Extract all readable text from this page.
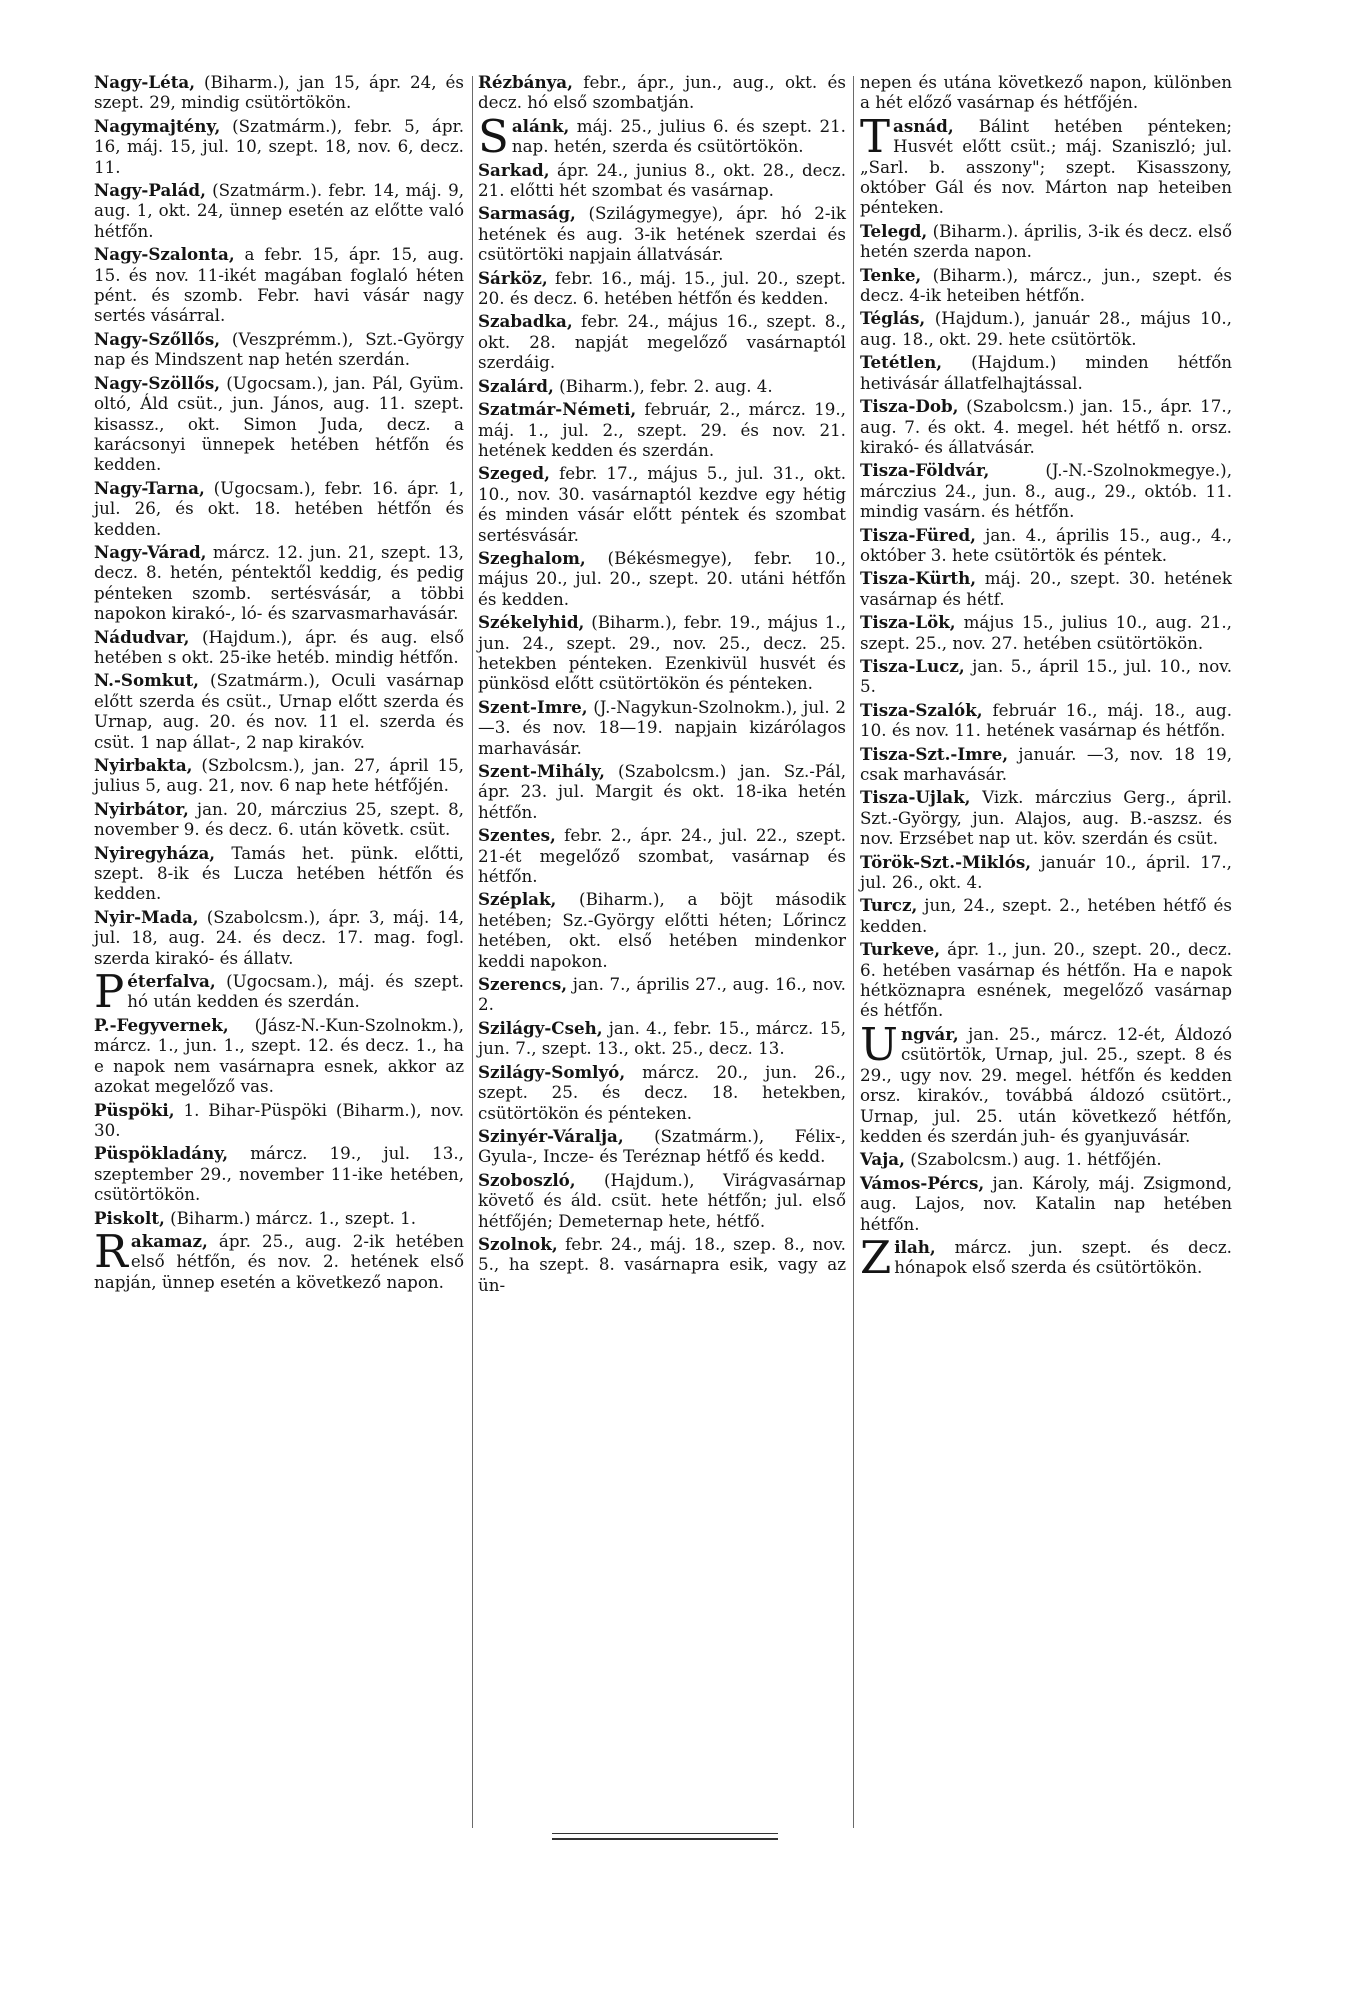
Nagy-Léta, (Biharm.), jan 15, ápr. 24, és szept. 29, mindig csütörtökön.
Nagymajtény, (Szatmárm.), febr. 5, ápr. 16, máj. 15, jul. 10, szept. 18, nov. 6, decz. 11.
Nagy-Palád, (Szatmárm.). febr. 14, máj. 9, aug. 1, okt. 24, ünnep esetén az előtte való hétfőn.
Nagy-Szalonta, a febr. 15, ápr. 15, aug. 15. és nov. 11-ikét magában foglaló héten pént. és szomb. Febr. havi vásár nagy sertés vásárral.
Nagy-Szőllős, (Veszprémm.), Szt.-György nap és Mindszent nap hetén szerdán.
Nagy-Szöllős, (Ugocsam.), jan. Pál, Gyüm. oltó, Áld csüt., jun. János, aug. 11. szept. kisassz., okt. Simon Juda, decz. a karácsonyi ünnepek hetében hétfőn és kedden.
Nagy-Tarna, (Ugocsam.), febr. 16. ápr. 1, jul. 26, és okt. 18. hetében hétfőn és kedden.
Nagy-Várad, márcz. 12. jun. 21, szept. 13, decz. 8. hetén, péntektől keddig, és pedig pénteken szomb. sertésvásár, a többi napokon kirakó-, ló- és szarvasmarhavásár.
Nádudvar, (Hajdum.), ápr. és aug. első hetében s okt. 25-ike hetéb. mindig hétfőn.
N.-Somkut, (Szatmárm.), Oculi vasárnap előtt szerda és csüt., Urnap előtt szerda és Urnap, aug. 20. és nov. 11 el. szerda és csüt. 1 nap állat-, 2 nap kirakóv.
Nyirbakta, (Szbolcsm.), jan. 27, ápril 15, julius 5, aug. 21, nov. 6 nap hete hétfőjén.
Nyirbátor, jan. 20, márczius 25, szept. 8, november 9. és decz. 6. után követk. csüt.
Nyiregyháza, Tamás het. pünk. előtti, szept. 8-ik és Lucza hetében hétfőn és kedden.
Nyir-Mada, (Szabolcsm.), ápr. 3, máj. 14, jul. 18, aug. 24. és decz. 17. mag. fogl. szerda kirakó- és állatv.
Péterfalva, (Ugocsam.), máj. és szept. hó után kedden és szerdán.
P.-Fegyvernek, (Jász-N.-Kun-Szolnokm.), márcz. 1., jun. 1., szept. 12. és decz. 1., ha e napok nem vasárnapra esnek, akkor az azokat megelőző vas.
Püspöki, 1. Bihar-Püspöki (Biharm.), nov. 30.
Püspökladány, márcz. 19., jul. 13., szeptember 29., november 11-ike hetében, csütörtökön.
Piskolt, (Biharm.) márcz. 1., szept. 1.
Rakamaz, ápr. 25., aug. 2-ik hetében első hétfőn, és nov. 2. hetének első napján, ünnep esetén a következő napon.
Rézbánya, febr., ápr., jun., aug., okt. és decz. hó első szombatján.
Salánk, máj. 25., julius 6. és szept. 21. nap. hetén, szerda és csütörtökön.
Sarkad, ápr. 24., junius 8., okt. 28., decz. 21. előtti hét szombat és vasárnap.
Sarmaság, (Szilágymegye), ápr. hó 2-ik hetének és aug. 3-ik hetének szerdai és csütörtöki napjain állatvásár.
Sárköz, febr. 16., máj. 15., jul. 20., szept. 20. és decz. 6. hetében hétfőn és kedden.
Szabadka, febr. 24., május 16., szept. 8., okt. 28. napját megelőző vasárnaptól szerdáig.
Szalárd, (Biharm.), febr. 2. aug. 4.
Szatmár-Németi, február, 2., márcz. 19., máj. 1., jul. 2., szept. 29. és nov. 21. hetének kedden és szerdán.
Szeged, febr. 17., május 5., jul. 31., okt. 10., nov. 30. vasárnaptól kezdve egy hétig és minden vásár előtt péntek és szombat sertésvásár.
Szeghalom, (Békésmegye), febr. 10., május 20., jul. 20., szept. 20. utáni hétfőn és kedden.
Székelyhid, (Biharm.), febr. 19., május 1., jun. 24., szept. 29., nov. 25., decz. 25. hetekben pénteken. Ezenkivül husvét és pünkösd előtt csütörtökön és pénteken.
Szent-Imre, (J.-Nagykun-Szolnokm.), jul. 2—3. és nov. 18—19. napjain kizárólagos marhavásár.
Szent-Mihály, (Szabolcsm.) jan. Sz.-Pál, ápr. 23. jul. Margit és okt. 18-ika hetén hétfőn.
Szentes, febr. 2., ápr. 24., jul. 22., szept. 21-ét megelőző szombat, vasárnap és hétfőn.
Széplak, (Biharm.), a böjt második hetében; Sz.-György előtti héten; Lőrincz hetében, okt. első hetében mindenkor keddi napokon.
Szerencs, jan. 7., április 27., aug. 16., nov. 2.
Szilágy-Cseh, jan. 4., febr. 15., márcz. 15, jun. 7., szept. 13., okt. 25., decz. 13.
Szilágy-Somlyó, márcz. 20., jun. 26., szept. 25. és decz. 18. hetekben, csütörtökön és pénteken.
Szinyér-Váralja, (Szatmárm.), Félix-, Gyula-, Incze- és Teréznap hétfő és kedd.
Szoboszló, (Hajdum.), Virágvasárnap követő és áld. csüt. hete hétfőn; jul. első hétfőjén; Demeternap hete, hétfő.
Szolnok, febr. 24., máj. 18., szep. 8., nov. 5., ha szept. 8. vasárnapra esik, vagy az ün-
nepen és utána következő napon, különben a hét előző vasárnap és hétfőjén.
Tasnád, Bálint hetében pénteken; Husvét előtt csüt.; máj. Szaniszló; jul. „Sarl. b. asszony"; szept. Kisasszony, október Gál és nov. Márton nap heteiben pénteken.
Telegd, (Biharm.). április, 3-ik és decz. első hetén szerda napon.
Tenke, (Biharm.), márcz., jun., szept. és decz. 4-ik heteiben hétfőn.
Téglás, (Hajdum.), január 28., május 10., aug. 18., okt. 29. hete csütörtök.
Tetétlen, (Hajdum.) minden hétfőn hetivásár állatfelhajtással.
Tisza-Dob, (Szabolcsm.) jan. 15., ápr. 17., aug. 7. és okt. 4. megel. hét hétfő n. orsz. kirakó- és állatvásár.
Tisza-Földvár, (J.-N.-Szolnokmegye.), márczius 24., jun. 8., aug., 29., októb. 11. mindig vasárn. és hétfőn.
Tisza-Füred, jan. 4., április 15., aug., 4., október 3. hete csütörtök és péntek.
Tisza-Kürth, máj. 20., szept. 30. hetének vasárnap és hétf.
Tisza-Lök, május 15., julius 10., aug. 21., szept. 25., nov. 27. hetében csütörtökön.
Tisza-Lucz, jan. 5., ápril 15., jul. 10., nov. 5.
Tisza-Szalók, február 16., máj. 18., aug. 10. és nov. 11. hetének vasárnap és hétfőn.
Tisza-Szt.-Imre, január. —3, nov. 18 19, csak marhavásár.
Tisza-Ujlak, Vizk. márczius Gerg., ápril. Szt.-György, jun. Alajos, aug. B.-aszsz. és nov. Erzsébet nap ut. köv. szerdán és csüt.
Török-Szt.-Miklós, január 10., ápril. 17., jul. 26., okt. 4.
Turcz, jun, 24., szept. 2., hetében hétfő és kedden.
Turkeve, ápr. 1., jun. 20., szept. 20., decz. 6. hetében vasárnap és hétfőn. Ha e napok hétköznapra esnének, megelőző vasárnap és hétfőn.
Ungvár, jan. 25., márcz. 12-ét, Áldozó csütörtök, Urnap, jul. 25., szept. 8 és 29., ugy nov. 29. megel. hétfőn és kedden orsz. kirakóv., továbbá áldozó csütört., Urnap, jul. 25. után következő hétfőn, kedden és szerdán juh- és gyanjuvásár.
Vaja, (Szabolcsm.) aug. 1. hétfőjén.
Vámos-Pércs, jan. Károly, máj. Zsigmond, aug. Lajos, nov. Katalin nap hetében hétfőn.
Zilah, márcz. jun. szept. és decz. hónapok első szerda és csütörtökön.
